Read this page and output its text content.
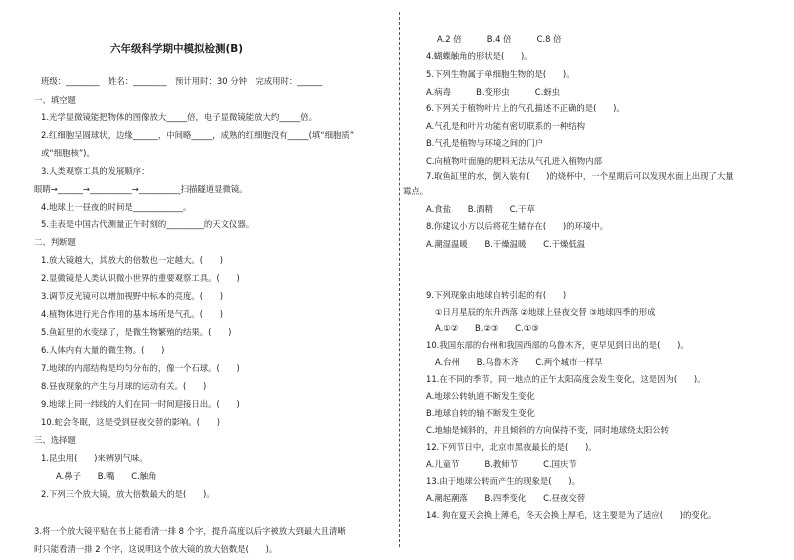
六年级科学期中模拟检测(B)
班级：________　姓名：________　预计用时：30 分钟　完成用时：______
一、填空题
1.光学显微镜能把物体的图像放大_____倍，电子显微镜能放大约_____倍。
2.红细胞呈圆球状，边缘______，中间略_____，成熟的红细胞没有_____(填“细胞质”
或“细胞核”)。
3.人类观察工具的发展顺序：
眼睛→______→__________→__________扫描隧道显微镜。
4.地球上一昼夜的时间是____________。
5.圭表是中国古代测量正午时刻的_________的天文仪器。
二、判断题
1.放大镜越大，其放大的倍数也一定越大。(　　)
2.显微镜是人类认识微小世界的重要观察工具。(　　)
3.调节反光镜可以增加视野中标本的亮度。(　　)
4.植物体进行光合作用的基本场所是气孔。(　　)
5.鱼缸里的水变绿了，是微生物繁殖的结果。(　　)
6.人体内有大量的微生物。(　　)
7.地球的内部结构是均匀分布的，像一个石球。(　　)
8.昼夜现象的产生与月球的运动有关。(　　)
9.地球上同一纬线的人们在同一时间迎接日出。(　　)
10.蛇会冬眠，这是受到昼夜交替的影响。(　　)
三、选择题
1.昆虫用(　　)来辨别气味。
A.鼻子　　B.嘴　　C.触角
2.下列三个放大镜，放大倍数最大的是(　　)。
3.将一个放大镜平贴在书上能看清一排 8 个字，提升高度以后字被放大到最大且清晰
时只能看清一排 2 个字，这说明这个放大镜的放大倍数是(　　)。
A.2 倍　　　B.4 倍　　　C.8 倍
4.蝴蝶触角的形状是(　　)。
5.下列生物属于单细胞生物的是(　　)。
A.病毒　　　B.变形虫　　　C.蚜虫
6.下列关于植物叶片上的气孔描述不正确的是(　　)。
A.气孔是和叶片功能有密切联系的一种结构
B.气孔是植物与环境之间的门户
C.向植物叶面施的肥料无法从气孔进入植物内部
7.取鱼缸里的水，倒入装有(　　)的烧杯中，一个星期后可以发现水面上出现了大量
霉点。
A.食盐　　B.酒精　　C.干草
8.你建议小方以后将花生储存在(　　)的环境中。
A.潮湿温暖　　B.干燥温暖　　C.干燥低温
9.下列现象由地球自转引起的有(　　)
①日月星辰的东升西落 ②地球上昼夜交替 ③地球四季的形成
A.①②　　B.②③　　C.①③
10.我国东部的台州和我国西部的乌鲁木齐，更早见到日出的是(　　)。
A.台州　　B.乌鲁木齐　　C.两个城市一样早
11.在不同的季节，同一地点的正午太阳高度会发生变化，这是因为(　　)。
A.地球公转轨道不断发生变化
B.地球自转的轴不断发生变化
C.地轴是倾斜的，并且倾斜的方向保持不变，同时地球绕太阳公转
12.下列节日中，北京市黑夜最长的是(　　)。
A.儿童节　　　B.教师节　　　C.国庆节
13.由于地球公转而产生的现象是(　　)。
A.潮起潮落　　B.四季变化　　C.昼夜交替
14. 狗在夏天会换上薄毛，冬天会换上厚毛，这主要是为了适应(　　)的变化。
